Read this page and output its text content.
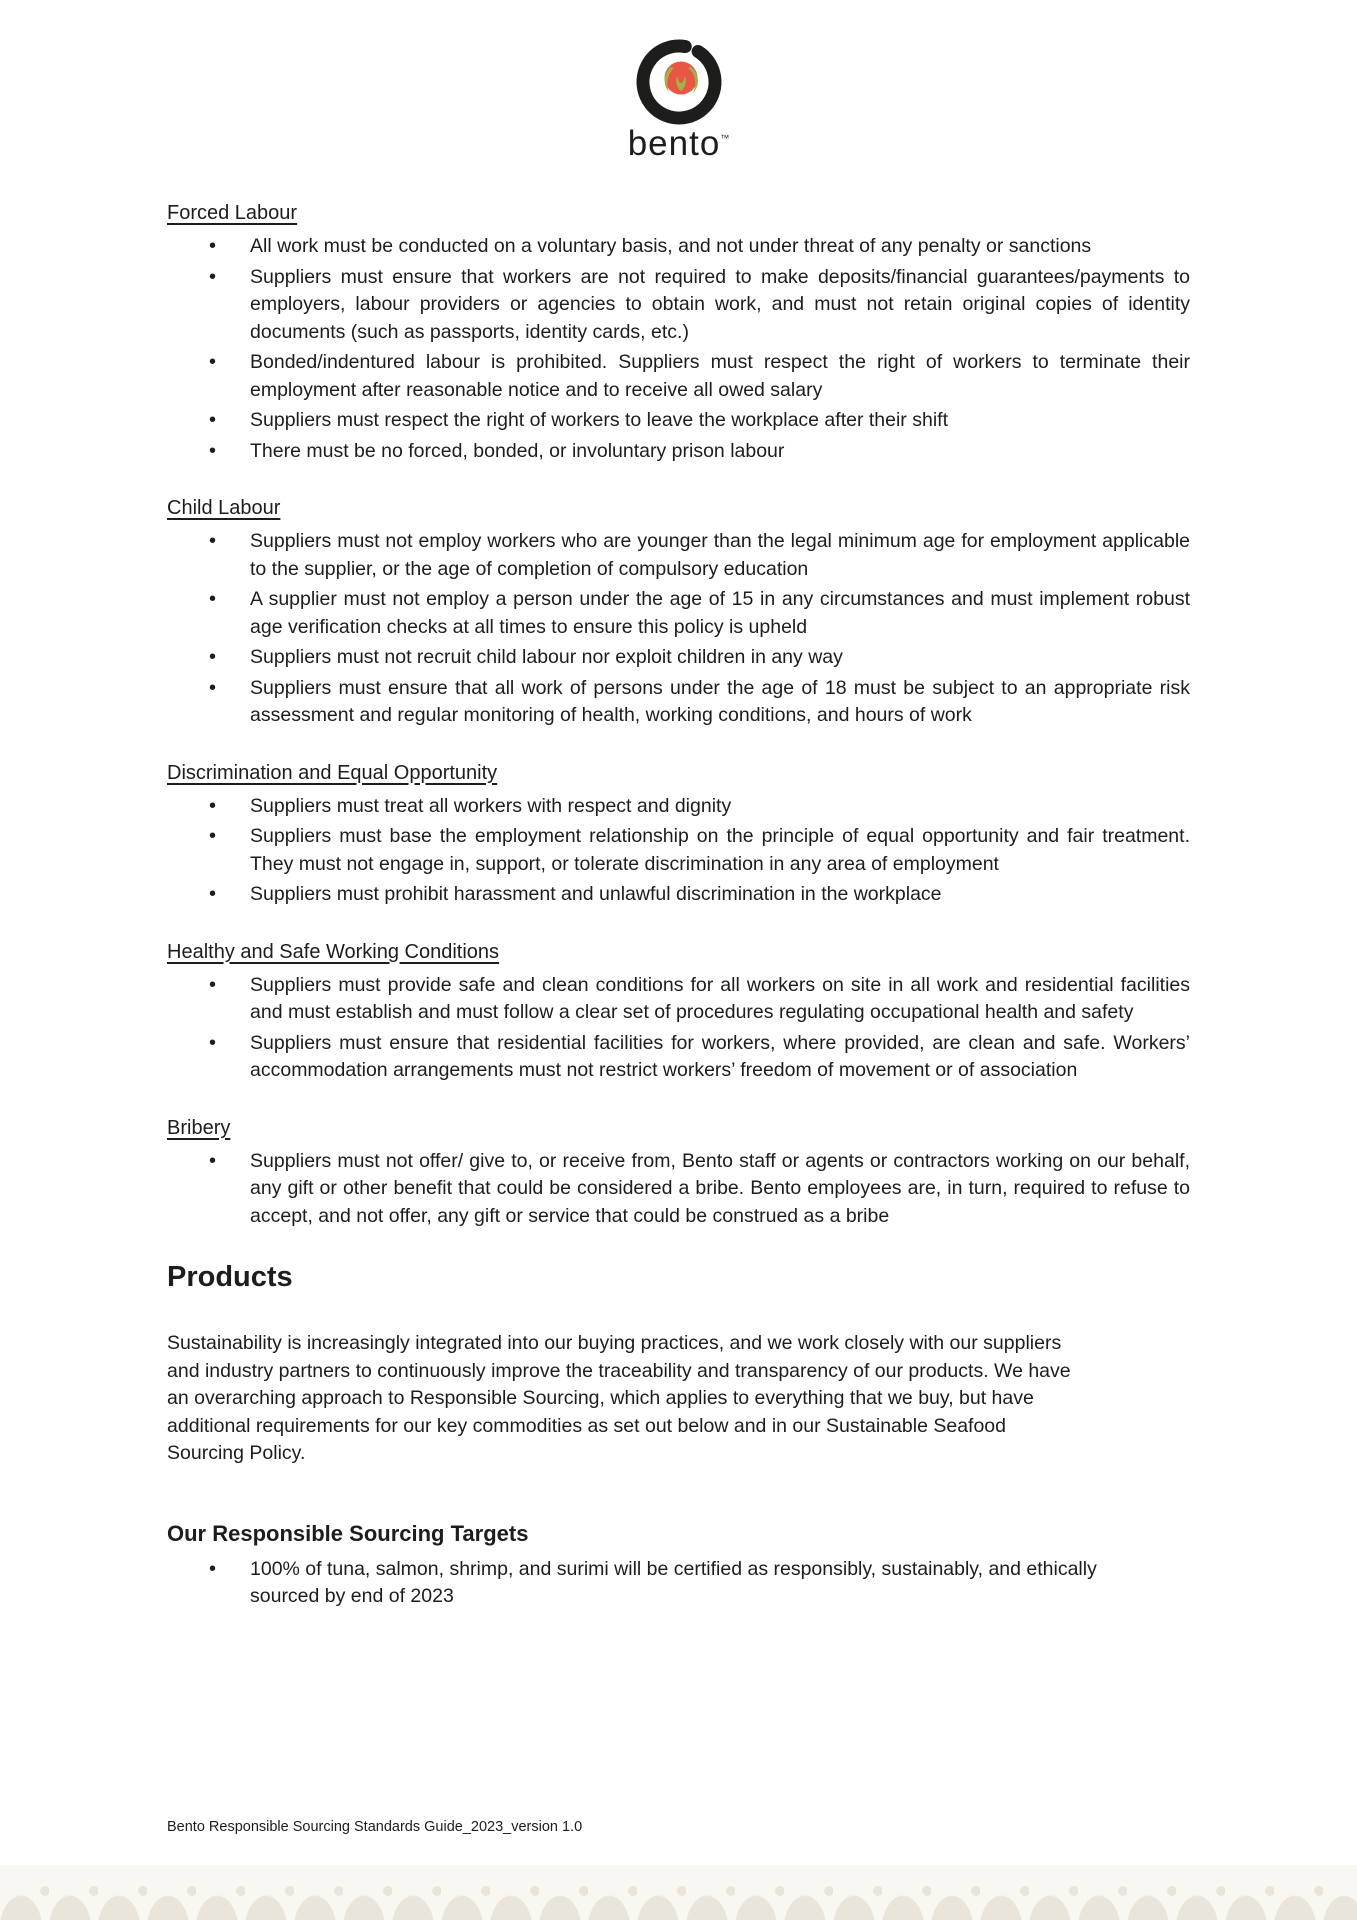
bento™
Forced Labour
• All work must be conducted on a voluntary basis, and not under threat of any penalty or sanctions
• Suppliers must ensure that workers are not required to make deposits/financial guarantees/payments to employers, labour providers or agencies to obtain work, and must not retain original copies of identity documents (such as passports, identity cards, etc.)
• Bonded/indentured labour is prohibited. Suppliers must respect the right of workers to terminate their employment after reasonable notice and to receive all owed salary
• Suppliers must respect the right of workers to leave the workplace after their shift
• There must be no forced, bonded, or involuntary prison labour
Child Labour
• Suppliers must not employ workers who are younger than the legal minimum age for employment applicable to the supplier, or the age of completion of compulsory education
• A supplier must not employ a person under the age of 15 in any circumstances and must implement robust age verification checks at all times to ensure this policy is upheld
• Suppliers must not recruit child labour nor exploit children in any way
• Suppliers must ensure that all work of persons under the age of 18 must be subject to an appropriate risk assessment and regular monitoring of health, working conditions, and hours of work
Discrimination and Equal Opportunity
• Suppliers must treat all workers with respect and dignity
• Suppliers must base the employment relationship on the principle of equal opportunity and fair treatment. They must not engage in, support, or tolerate discrimination in any area of employment
• Suppliers must prohibit harassment and unlawful discrimination in the workplace
Healthy and Safe Working Conditions
• Suppliers must provide safe and clean conditions for all workers on site in all work and residential facilities and must establish and must follow a clear set of procedures regulating occupational health and safety
• Suppliers must ensure that residential facilities for workers, where provided, are clean and safe. Workers’ accommodation arrangements must not restrict workers’ freedom of movement or of association
Bribery
• Suppliers must not offer/ give to, or receive from, Bento staff or agents or contractors working on our behalf, any gift or other benefit that could be considered a bribe. Bento employees are, in turn, required to refuse to accept, and not offer, any gift or service that could be construed as a bribe
Products

Sustainability is increasingly integrated into our buying practices, and we work closely with our suppliers and industry partners to continuously improve the traceability and transparency of our products. We have an overarching approach to Responsible Sourcing, which applies to everything that we buy, but have additional requirements for our key commodities as set out below and in our Sustainable Seafood Sourcing Policy.

Our Responsible Sourcing Targets
• 100% of tuna, salmon, shrimp, and surimi will be certified as responsibly, sustainably, and ethically sourced by end of 2023
Bento Responsible Sourcing Standards Guide_2023_version 1.0
